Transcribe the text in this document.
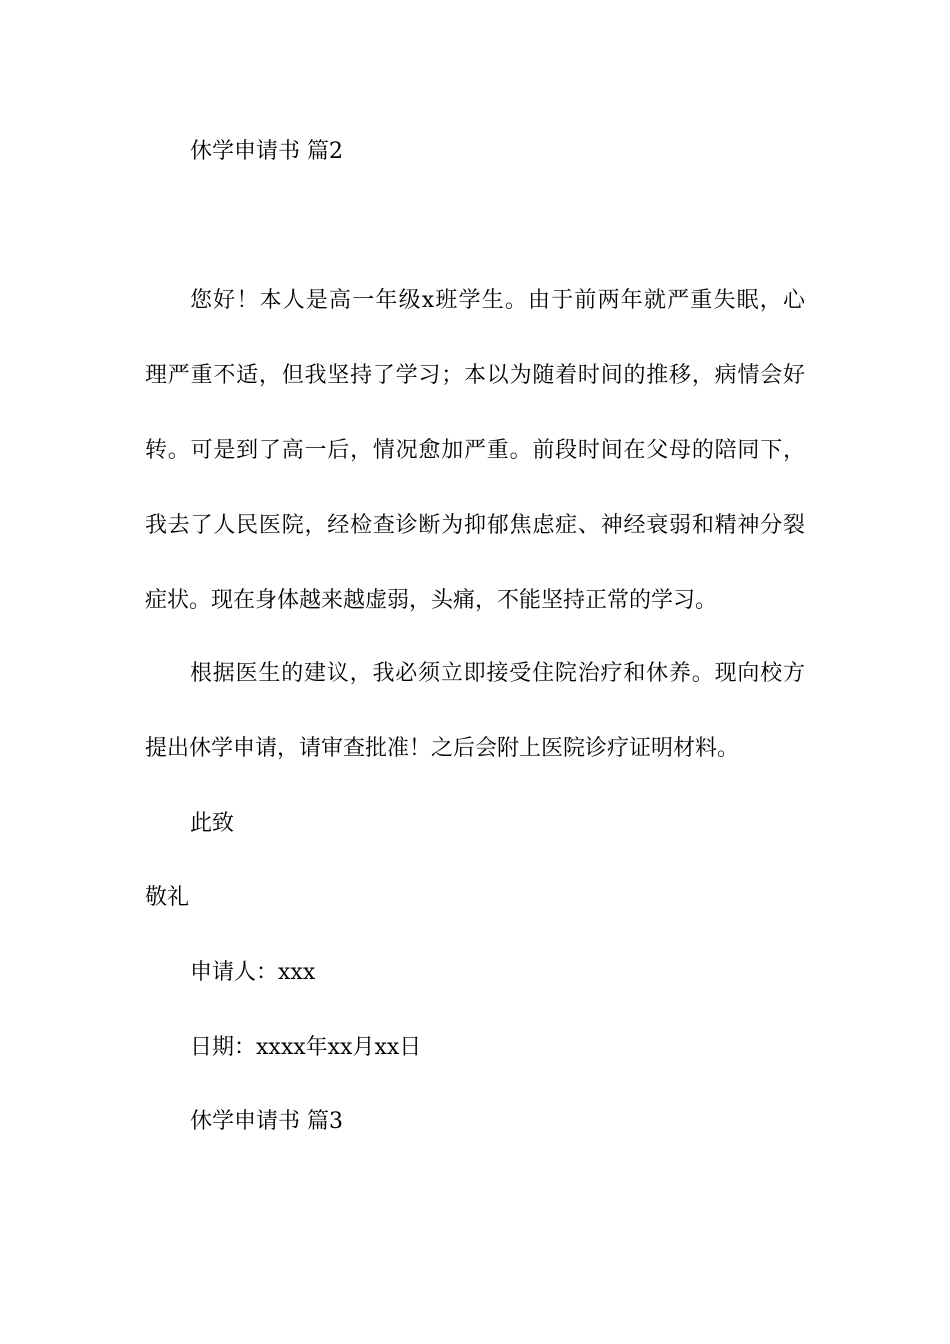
休学申请书 篇2

您好！本人是高一年级x班学生。由于前两年就严重失眠，心

理严重不适，但我坚持了学习；本以为随着时间的推移，病情会好

转。可是到了高一后，情况愈加严重。前段时间在父母的陪同下，

我去了人民医院，经检查诊断为抑郁焦虑症、神经衰弱和精神分裂

症状。现在身体越来越虚弱，头痛，不能坚持正常的学习。

根据医生的建议，我必须立即接受住院治疗和休养。现向校方

提出休学申请，请审查批准！之后会附上医院诊疗证明材料。

此致

敬礼

申请人：xxx

日期：xxxx年xx月xx日

休学申请书 篇3
